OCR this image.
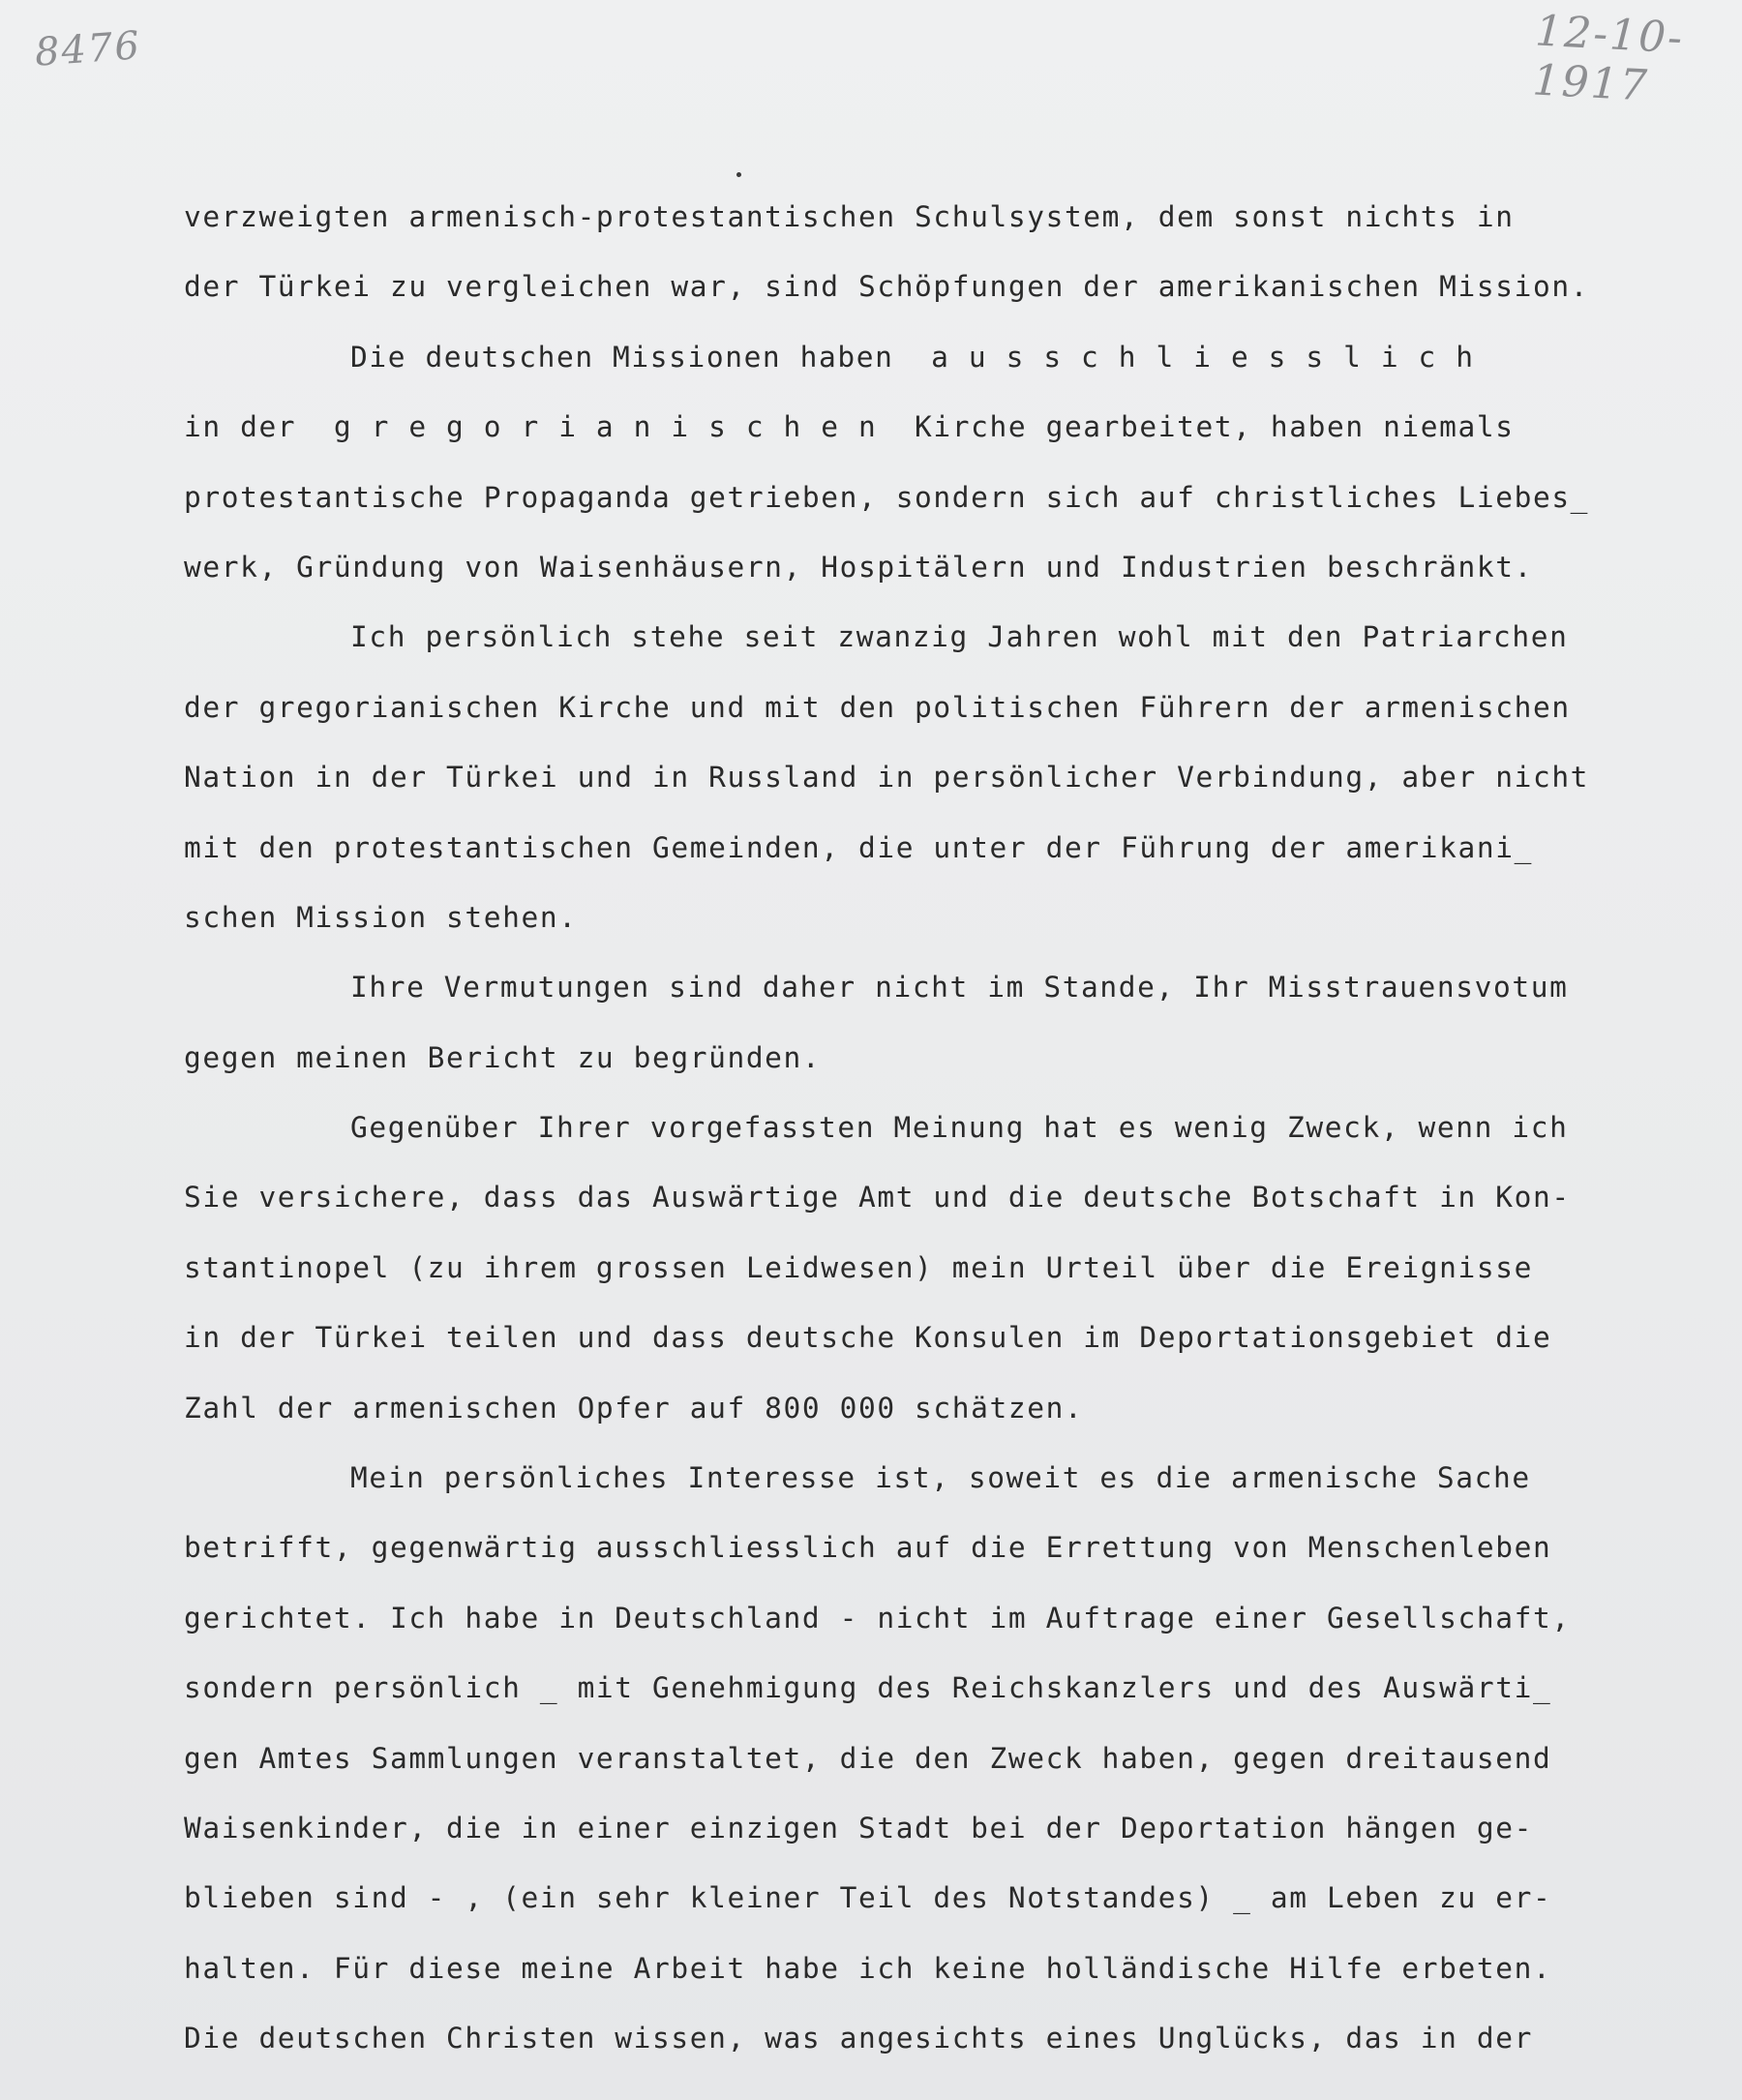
8476	12-10-1917
verzweigten armenisch-protestantischen Schulsystem, dem sonst nichts in
der Türkei zu vergleichen war, sind Schöpfungen der amerikanischen Mission.
Die deutschen Missionen haben  a u s s c h l i e s s l i c h
in der  g r e g o r i a n i s c h e n  Kirche gearbeitet, haben niemals
protestantische Propaganda getrieben, sondern sich auf christliches Liebes_
werk, Gründung von Waisenhäusern, Hospitälern und Industrien beschränkt.
Ich persönlich stehe seit zwanzig Jahren wohl mit den Patriarchen
der gregorianischen Kirche und mit den politischen Führern der armenischen
Nation in der Türkei und in Russland in persönlicher Verbindung, aber nicht
mit den protestantischen Gemeinden, die unter der Führung der amerikani_
schen Mission stehen.
Ihre Vermutungen sind daher nicht im Stande, Ihr Misstrauensvotum
gegen meinen Bericht zu begründen.
Gegenüber Ihrer vorgefassten Meinung hat es wenig Zweck, wenn ich
Sie versichere, dass das Auswärtige Amt und die deutsche Botschaft in Kon-
stantinopel (zu ihrem grossen Leidwesen) mein Urteil über die Ereignisse
in der Türkei teilen und dass deutsche Konsulen im Deportationsgebiet die
Zahl der armenischen Opfer auf 800 000 schätzen.
Mein persönliches Interesse ist, soweit es die armenische Sache
betrifft, gegenwärtig ausschliesslich auf die Errettung von Menschenleben
gerichtet. Ich habe in Deutschland - nicht im Auftrage einer Gesellschaft,
sondern persönlich _ mit Genehmigung des Reichskanzlers und des Auswärti_
gen Amtes Sammlungen veranstaltet, die den Zweck haben, gegen dreitausend
Waisenkinder, die in einer einzigen Stadt bei der Deportation hängen ge-
blieben sind - , (ein sehr kleiner Teil des Notstandes) _ am Leben zu er-
halten. Für diese meine Arbeit habe ich keine holländische Hilfe erbeten.
Die deutschen Christen wissen, was angesichts eines Unglücks, das in der
